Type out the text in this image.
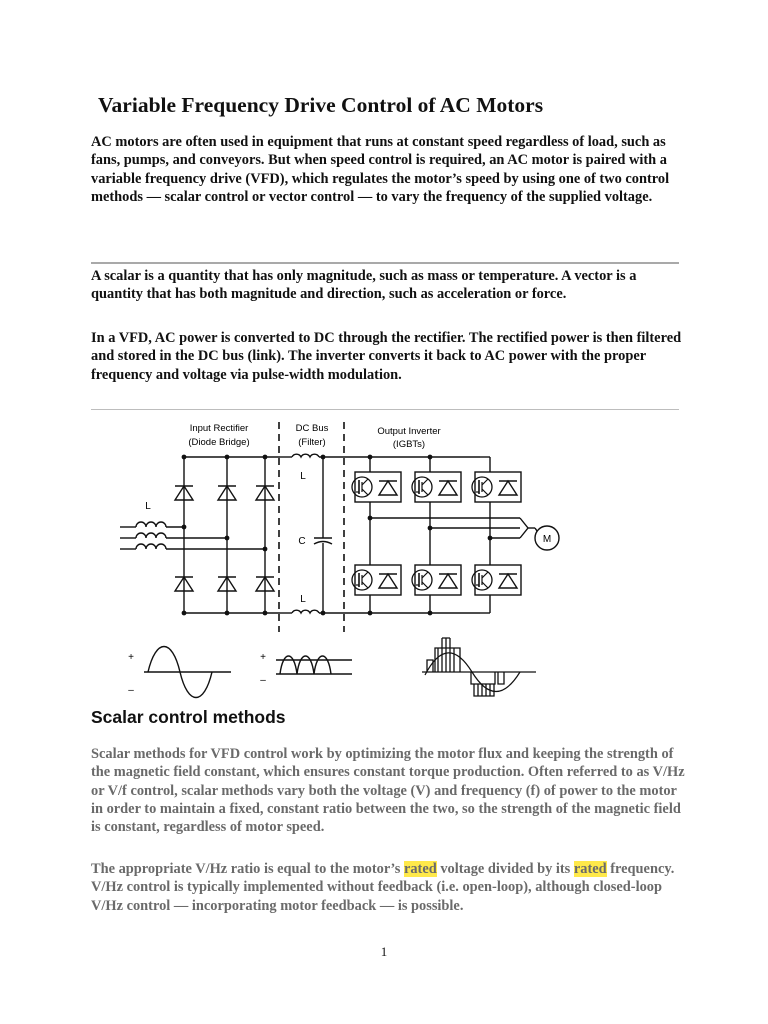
Variable Frequency Drive Control of AC Motors

AC motors are often used in equipment that runs at constant speed regardless of load, such as fans, pumps, and conveyors. But when speed control is required, an AC motor is paired with a variable frequency drive (VFD), which regulates the motor’s speed by using one of two control methods — scalar control or vector control — to vary the frequency of the supplied voltage.

A scalar is a quantity that has only magnitude, such as mass or temperature. A vector is a quantity that has both magnitude and direction, such as acceleration or force.

In a VFD, AC power is converted to DC through the rectifier. The rectified power is then filtered and stored in the DC bus (link). The inverter converts it back to AC power with the proper frequency and voltage via pulse-width modulation.

Input Rectifier
(Diode Bridge)
DC Bus
(Filter)
Output Inverter
(IGBTs)
L
L
C
L
M
+
–
+
–
Scalar control methods

Scalar methods for VFD control work by optimizing the motor flux and keeping the strength of the magnetic field constant, which ensures constant torque production. Often referred to as V/Hz or V/f control, scalar methods vary both the voltage (V) and frequency (f) of power to the motor in order to maintain a fixed, constant ratio between the two, so the strength of the magnetic field is constant, regardless of motor speed.

The appropriate V/Hz ratio is equal to the motor’s rated voltage divided by its rated frequency. V/Hz control is typically implemented without feedback (i.e. open-loop), although closed-loop V/Hz control — incorporating motor feedback — is possible.

1
